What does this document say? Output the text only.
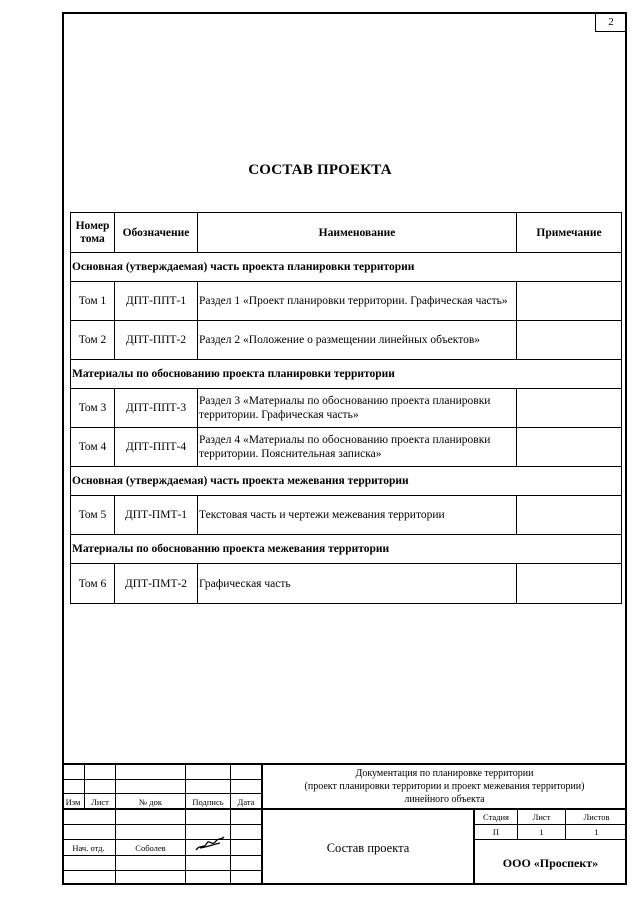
2
СОСТАВ ПРОЕКТА
Номер
тома	Обозначение	Наименование	Примечание
Основная (утверждаемая) часть проекта планировки территории			
Том 1	ДПТ-ППТ-1	Раздел 1 «Проект планировки территории. Графическая часть»	
Том 2	ДПТ-ППТ-2	Раздел 2 «Положение о размещении линейных объектов»	
Материалы по обоснованию проекта планировки территории			
Том 3	ДПТ-ППТ-3	Раздел 3 «Материалы по обоснованию проекта планировки территории. Графическая часть»	
Том 4	ДПТ-ППТ-4	Раздел 4 «Материалы по обоснованию проекта планировки территории. Пояснительная записка»	
Основная (утверждаемая) часть проекта межевания территории			
Том 5	ДПТ-ПМТ-1	Текстовая часть и чертежи межевания территории	
Материалы по обоснованию проекта межевания территории			
Том 6	ДПТ-ПМТ-2	Графическая часть	
Изм	Лист	№ док	Подпись	Дата
Документация по планировке территории
(проект планировки территории и проект межевания территории)
линейного объекта
Стадия	Лист	Листов
П	1	1
Нач. отд.	Соболев	Состав проекта
ООО «Проспект»
